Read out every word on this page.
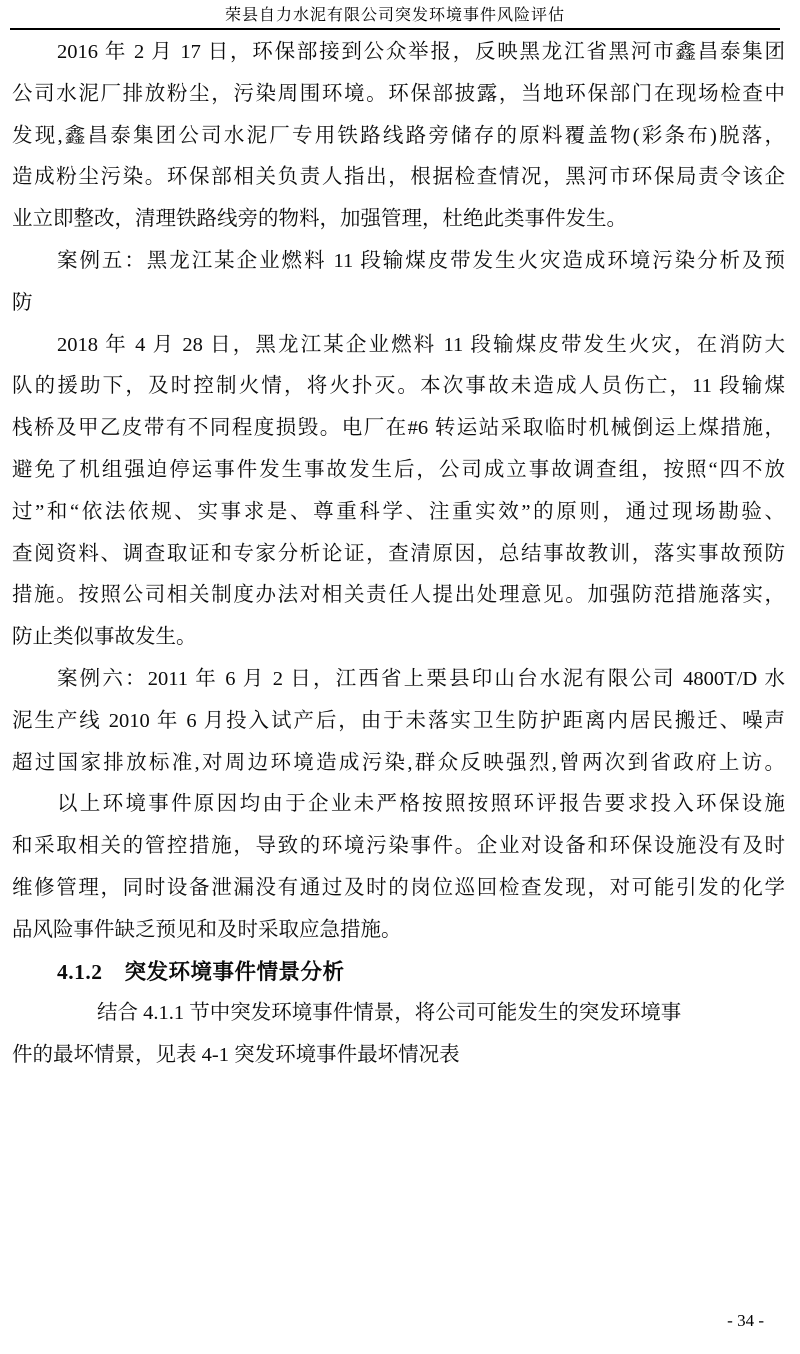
荣县自力水泥有限公司突发环境事件风险评估
2016 年 2 月 17 日，环保部接到公众举报，反映黑龙江省黑河市鑫昌泰集团
公司水泥厂排放粉尘，污染周围环境。环保部披露，当地环保部门在现场检查中
发现,鑫昌泰集团公司水泥厂专用铁路线路旁储存的原料覆盖物(彩条布)脱落，
造成粉尘污染。环保部相关负责人指出，根据检查情况，黑河市环保局责令该企
业立即整改，清理铁路线旁的物料，加强管理，杜绝此类事件发生。
案例五：黑龙江某企业燃料 11 段输煤皮带发生火灾造成环境污染分析及预
防
2018 年 4 月 28 日，黑龙江某企业燃料 11 段输煤皮带发生火灾，在消防大
队的援助下，及时控制火情，将火扑灭。本次事故未造成人员伤亡，11 段输煤
栈桥及甲乙皮带有不同程度损毁。电厂在#6 转运站采取临时机械倒运上煤措施，
避免了机组强迫停运事件发生事故发生后，公司成立事故调查组，按照“四不放
过”和“依法依规、实事求是、尊重科学、注重实效”的原则，通过现场勘验、
查阅资料、调查取证和专家分析论证，查清原因，总结事故教训，落实事故预防
措施。按照公司相关制度办法对相关责任人提出处理意见。加强防范措施落实，
防止类似事故发生。
案例六：2011 年 6 月 2 日，江西省上栗县印山台水泥有限公司 4800T/D 水
泥生产线 2010 年 6 月投入试产后，由于未落实卫生防护距离内居民搬迁、噪声
超过国家排放标准,对周边环境造成污染,群众反映强烈,曾两次到省政府上访。
以上环境事件原因均由于企业未严格按照按照环评报告要求投入环保设施
和采取相关的管控措施，导致的环境污染事件。企业对设备和环保设施没有及时
维修管理，同时设备泄漏没有通过及时的岗位巡回检查发现，对可能引发的化学
品风险事件缺乏预见和及时采取应急措施。
4.1.2　突发环境事件情景分析
结合 4.1.1 节中突发环境事件情景，将公司可能发生的突发环境事
件的最坏情景，见表 4-1 突发环境事件最坏情况表
- 34 -
